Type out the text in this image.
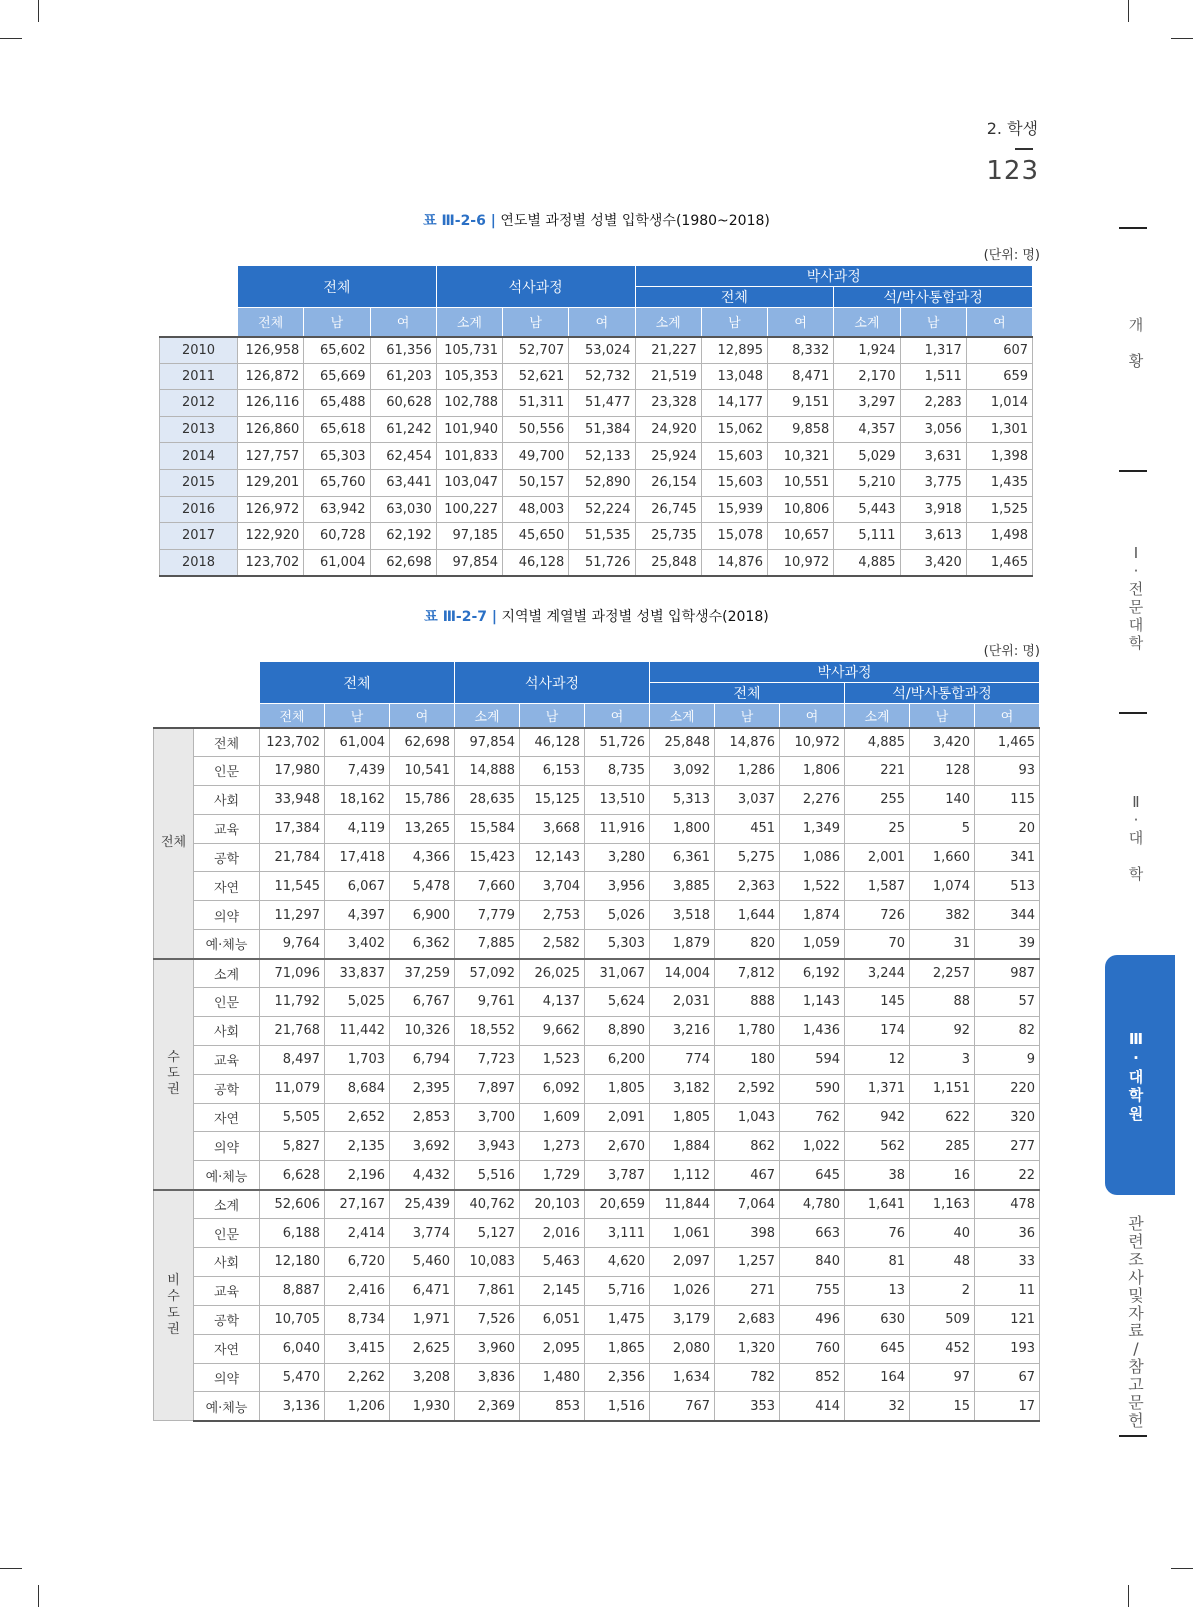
2. 학생
123
개

황
Ⅰ
·
전
문
대
학
Ⅱ
·
대

학
Ⅲ
·
대
학
원
관
련
조
사
및
자
료
/
참
고
문
헌
표 Ⅲ-2-6 | 연도별 과정별 성별 입학생수(1980~2018)
(단위: 명)
	전체			석사과정			박사과정					
							전체			석/박사통합과정		
	전체	남	여	소계	남	여	소계	남	여	소계	남	여
2010	126,958	65,602	61,356	105,731	52,707	53,024	21,227	12,895	8,332	1,924	1,317	607
2011	126,872	65,669	61,203	105,353	52,621	52,732	21,519	13,048	8,471	2,170	1,511	659
2012	126,116	65,488	60,628	102,788	51,311	51,477	23,328	14,177	9,151	3,297	2,283	1,014
2013	126,860	65,618	61,242	101,940	50,556	51,384	24,920	15,062	9,858	4,357	3,056	1,301
2014	127,757	65,303	62,454	101,833	49,700	52,133	25,924	15,603	10,321	5,029	3,631	1,398
2015	129,201	65,760	63,441	103,047	50,157	52,890	26,154	15,603	10,551	5,210	3,775	1,435
2016	126,972	63,942	63,030	100,227	48,003	52,224	26,745	15,939	10,806	5,443	3,918	1,525
2017	122,920	60,728	62,192	97,185	45,650	51,535	25,735	15,078	10,657	5,111	3,613	1,498
2018	123,702	61,004	62,698	97,854	46,128	51,726	25,848	14,876	10,972	4,885	3,420	1,465
표 Ⅲ-2-7 | 지역별 계열별 과정별 성별 입학생수(2018)
(단위: 명)
		전체			석사과정			박사과정					
								전체			석/박사통합과정		
		전체	남	여	소계	남	여	소계	남	여	소계	남	여
전체	전체	123,702	61,004	62,698	97,854	46,128	51,726	25,848	14,876	10,972	4,885	3,420	1,465
	인문	17,980	7,439	10,541	14,888	6,153	8,735	3,092	1,286	1,806	221	128	93
	사회	33,948	18,162	15,786	28,635	15,125	13,510	5,313	3,037	2,276	255	140	115
	교육	17,384	4,119	13,265	15,584	3,668	11,916	1,800	451	1,349	25	5	20
	공학	21,784	17,418	4,366	15,423	12,143	3,280	6,361	5,275	1,086	2,001	1,660	341
	자연	11,545	6,067	5,478	7,660	3,704	3,956	3,885	2,363	1,522	1,587	1,074	513
	의약	11,297	4,397	6,900	7,779	2,753	5,026	3,518	1,644	1,874	726	382	344
	예·체능	9,764	3,402	6,362	7,885	2,582	5,303	1,879	820	1,059	70	31	39
수
도
권	소계	71,096	33,837	37,259	57,092	26,025	31,067	14,004	7,812	6,192	3,244	2,257	987
	인문	11,792	5,025	6,767	9,761	4,137	5,624	2,031	888	1,143	145	88	57
	사회	21,768	11,442	10,326	18,552	9,662	8,890	3,216	1,780	1,436	174	92	82
	교육	8,497	1,703	6,794	7,723	1,523	6,200	774	180	594	12	3	9
	공학	11,079	8,684	2,395	7,897	6,092	1,805	3,182	2,592	590	1,371	1,151	220
	자연	5,505	2,652	2,853	3,700	1,609	2,091	1,805	1,043	762	942	622	320
	의약	5,827	2,135	3,692	3,943	1,273	2,670	1,884	862	1,022	562	285	277
	예·체능	6,628	2,196	4,432	5,516	1,729	3,787	1,112	467	645	38	16	22
비
수
도
권	소계	52,606	27,167	25,439	40,762	20,103	20,659	11,844	7,064	4,780	1,641	1,163	478
	인문	6,188	2,414	3,774	5,127	2,016	3,111	1,061	398	663	76	40	36
	사회	12,180	6,720	5,460	10,083	5,463	4,620	2,097	1,257	840	81	48	33
	교육	8,887	2,416	6,471	7,861	2,145	5,716	1,026	271	755	13	2	11
	공학	10,705	8,734	1,971	7,526	6,051	1,475	3,179	2,683	496	630	509	121
	자연	6,040	3,415	2,625	3,960	2,095	1,865	2,080	1,320	760	645	452	193
	의약	5,470	2,262	3,208	3,836	1,480	2,356	1,634	782	852	164	97	67
	예·체능	3,136	1,206	1,930	2,369	853	1,516	767	353	414	32	15	17
